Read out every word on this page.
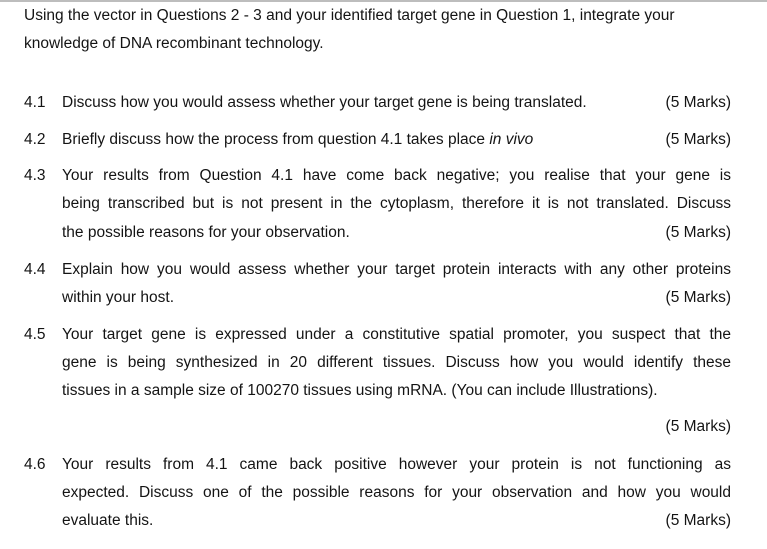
Using the vector in Questions 2 - 3 and your identified target gene in Question 1, integrate your

knowledge of DNA recombinant technology.

4.1 Discuss how you would assess whether your target gene is being translated.	(5 Marks)
4.2 Briefly discuss how the process from question 4.1 takes place in vivo	(5 Marks)
4.3 Your results from Question 4.1 have come back negative; you realise that your gene is
being transcribed but is not present in the cytoplasm, therefore it is not translated. Discuss
the possible reasons for your observation.	(5 Marks)
4.4 Explain how you would assess whether your target protein interacts with any other proteins
within your host.	(5 Marks)
4.5 Your target gene is expressed under a constitutive spatial promoter, you suspect that the
gene is being synthesized in 20 different tissues. Discuss how you would identify these
tissues in a sample size of 100270 tissues using mRNA. (You can include Illustrations).
(5 Marks)
4.6 Your results from 4.1 came back positive however your protein is not functioning as
expected. Discuss one of the possible reasons for your observation and how you would
evaluate this.	(5 Marks)
